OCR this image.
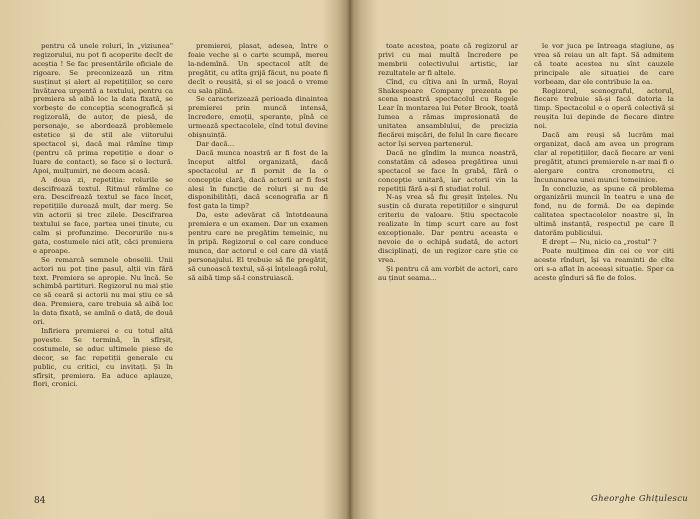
pentru că unele roluri, în „viziunea" regizorului, nu pot fi acoperite decît de aceștia ! Se fac presentările oficiale de rigoare. Se preconizează un ritm susținut și alert al repetițiilor, se cere învățarea urgentă a textului, pentru ca premiera să aibă loc la data fixată, se vorbește de concepția scenografică și regizorală, de autor, de piesă, de personaje, se abordează problemele estetice și de stil ale viitorului spectacol și, dacă mai rămîne timp (pentru că prima repetiție e doar o luare de contact), se face și o lectură. Apoi, mulțumiri, ne decem acasă.

A doua zi, repetiția: rolurile se descifrează textul. Ritmul rămîne ce era. Descifrează textul se face încet, repetițiile durează mult, dar merg. Se vin actorii și trec zilele. Descifrarea textului se face, partea unei ținute, cu calm și profunzime. Decorurile nu-s gata, costumele nici atît, căci premiera e aproape.

Se remarcă semnele oboselii. Unii actori nu pot ține pasul, alții vin fără text. Premiera se apropie. Nu încă. Se schimbă partituri. Regizorul nu mai știe ce să ceară și actorii nu mai știu ce să dea. Premiera, care trebuia să aibă loc la data fixată, se amînă o dată, de două ori.

Infiriera premierei e cu totul altă poveste. Se termină, în sfîrșit, costumele, se aduc ultimele piese de decor, se fac repetiții generale cu public, cu critici, cu invitați. Și în sfîrșit, premiera. Ea aduce aplauze, flori, cronici.

premierei, plasat, adesea, între o foaie veche și o carte scumpă, mereu la-ndemînă. Un spectacol atît de pregătit, cu atîta grijă făcut, nu poate fi decît o reușită, și el se joacă o vreme cu sala plină.

Se caracterizează perioada dinaintea premierei prin muncă intensă, încredere, emoții, speranțe, pînă ce urmează spectacolele, cînd totul devine obișnuință.

Dar dacă...

Dacă munca noastră ar fi fost de la început altfel organizată, dacă spectacolul ar fi pornit de la o concepție clară, dacă actorii ar fi fost aleși în funcție de roluri și nu de disponibilități, dacă scenografia ar fi fost gata la timp?

Da, este adevărat că întotdeauna premiera e un examen. Dar un examen pentru care ne pregătim temeinic, nu în pripă. Regizorul e cel care conduce munca, dar actorul e cel care dă viață personajului. El trebuie să fie pregătit, să cunoască textul, să-și înțeleagă rolul, să aibă timp să-l construiască.

84

toate acestea, poate că regizorul ar privi cu mai multă încredere pe membrii colectivului artistic, iar rezultatele ar fi altele.

Cînd, cu cîțiva ani în urmă, Royal Shakespeare Company prezenta pe scena noastră spectacolul cu Regele Lear în montarea lui Peter Brook, toată lumea a rămas impresionată de unitatea ansamblului, de precizia fiecărei mișcări, de felul în care fiecare actor își servea partenerul.

Dacă ne gîndim la munca noastră, constatăm că adesea pregătirea unui spectacol se face în grabă, fără o concepție unitară, iar actorii vin la repetiții fără a-și fi studiat rolul.

N-aș vrea să fiu greșit înțeles. Nu susțin că durata repetițiilor e singurul criteriu de valoare. Știu spectacole realizate în timp scurt care au fost excepționale. Dar pentru aceasta e nevoie de o echipă sudată, de actori disciplinați, de un regizor care știe ce vrea.

Și pentru că am vorbit de actori, care au ținut seama...

le vor juca pe întreaga stagiune, aș vrea să reiau un alt fapt. Să admitem că toate acestea nu sînt cauzele principale ale situației de care vorbeam, dar ele contribuie la ea.

Regizorul, scenograful, actorul, fiecare trebuie să-și facă datoria la timp. Spectacolul e o operă colectivă și reușita lui depinde de fiecare dintre noi.

Dacă am reuși să lucrăm mai organizat, dacă am avea un program clar al repetițiilor, dacă fiecare ar veni pregătit, atunci premierele n-ar mai fi o alergare contra cronometru, ci încununarea unei munci temeinice.

În concluzie, aș spune că problema organizării muncii în teatru e una de fond, nu de formă. De ea depinde calitatea spectacolelor noastre și, în ultimă instanță, respectul pe care îl datorăm publicului.

E drept — Nu, nicio ca „rostul" ?

Poate mulțimea din cei ce vor citi aceste rînduri, își va reaminti de cîte ori s-a aflat în aceeași situație. Sper ca aceste gînduri să fie de folos.

Gheorghe Ghițulescu
